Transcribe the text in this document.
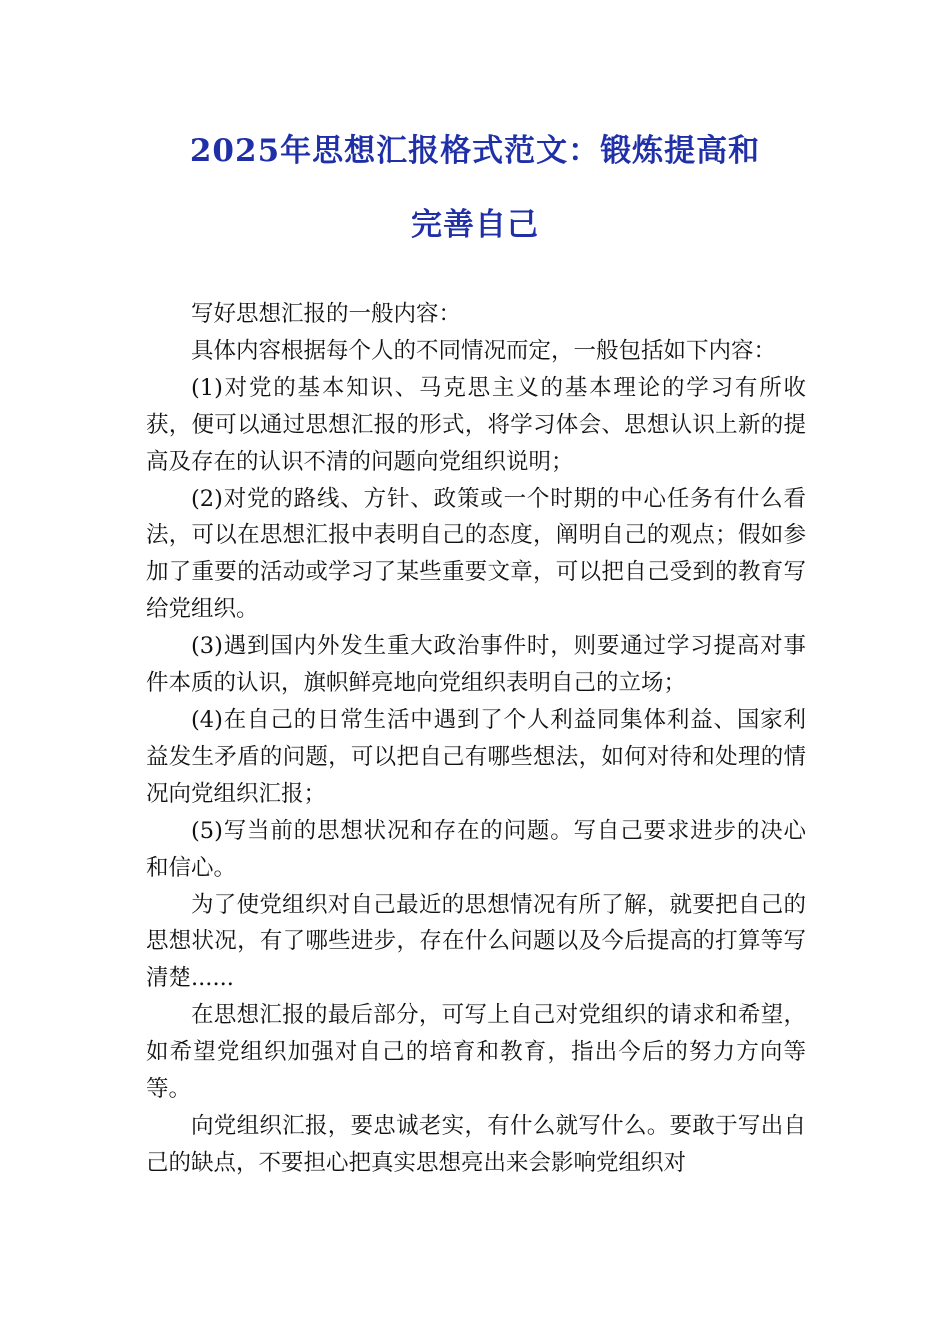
2025年思想汇报格式范文：锻炼提高和
完善自己

写好思想汇报的一般内容：

具体内容根据每个人的不同情况而定，一般包括如下内容：

(1)对党的基本知识、马克思主义的基本理论的学习有所收获，便可以通过思想汇报的形式，将学习体会、思想认识上新的提高及存在的认识不清的问题向党组织说明；

(2)对党的路线、方针、政策或一个时期的中心任务有什么看法，可以在思想汇报中表明自己的态度，阐明自己的观点；假如参加了重要的活动或学习了某些重要文章，可以把自己受到的教育写给党组织。

(3)遇到国内外发生重大政治事件时，则要通过学习提高对事件本质的认识，旗帜鲜亮地向党组织表明自己的立场；

(4)在自己的日常生活中遇到了个人利益同集体利益、国家利益发生矛盾的问题，可以把自己有哪些想法，如何对待和处理的情况向党组织汇报；

(5)写当前的思想状况和存在的问题。写自己要求进步的决心和信心。

为了使党组织对自己最近的思想情况有所了解，就要把自己的思想状况，有了哪些进步，存在什么问题以及今后提高的打算等写清楚......

在思想汇报的最后部分，可写上自己对党组织的请求和希望，如希望党组织加强对自己的培育和教育，指出今后的努力方向等等。

向党组织汇报，要忠诚老实，有什么就写什么。要敢于写出自己的缺点，不要担心把真实思想亮出来会影响党组织对
